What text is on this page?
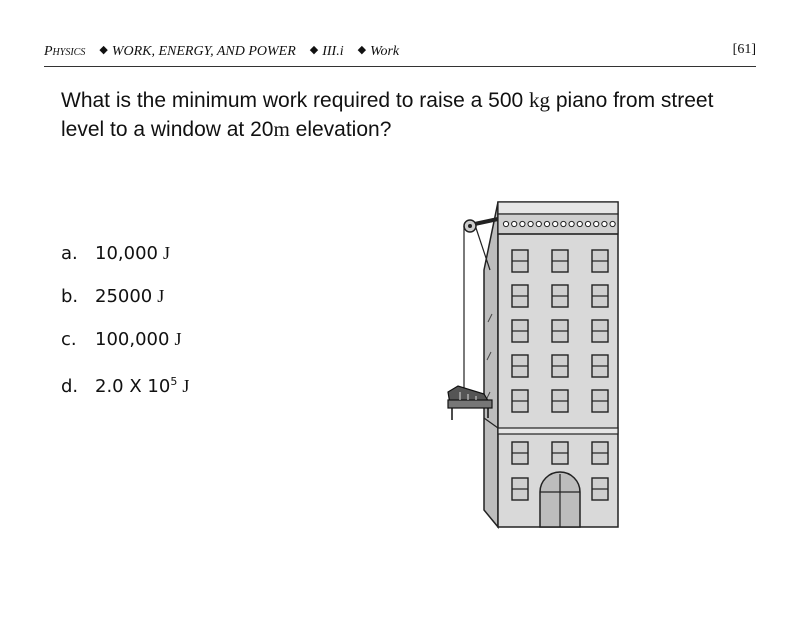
Physics ◆ WORK, ENERGY, AND POWER ◆ III.i ◆ Work	[61]
What is the minimum work required to raise a 500 kg piano from street level to a window at 20m elevation?
a. 10,000 J
b. 25000 J
c. 100,000 J
d. 2.0 X $10^5$ J
